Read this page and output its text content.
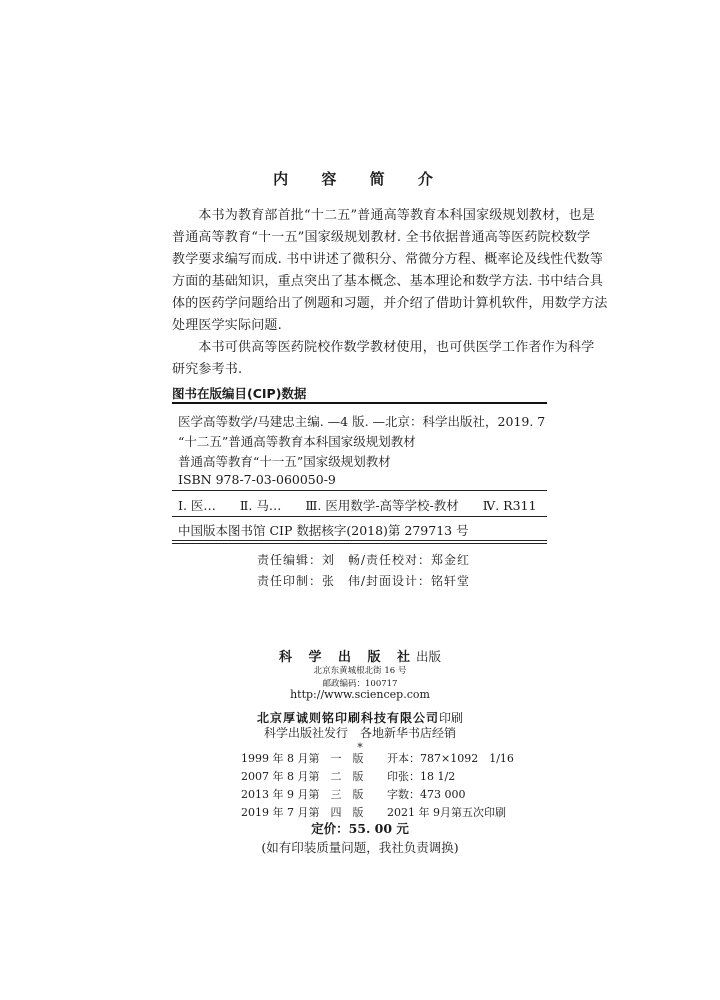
内 容 简 介
　　本书为教育部首批“十二五”普通高等教育本科国家级规划教材，也是
普通高等教育“十一五”国家级规划教材. 全书依据普通高等医药院校数学
教学要求编写而成. 书中讲述了微积分、常微分方程、概率论及线性代数等
方面的基础知识，重点突出了基本概念、基本理论和数学方法. 书中结合具
体的医药学问题给出了例题和习题，并介绍了借助计算机软件，用数学方法
处理医学实际问题.
　　本书可供高等医药院校作数学教材使用，也可供医学工作者作为科学
研究参考书.
图书在版编目(CIP)数据
医学高等数学/马建忠主编. —4 版. —北京：科学出版社，2019. 7
“十二五”普通高等教育本科国家级规划教材
普通高等教育“十一五”国家级规划教材
ISBN 978-7-03-060050-9
Ⅰ. 医… Ⅱ. 马… Ⅲ. 医用数学-高等学校-教材 Ⅳ. R311
中国版本图书馆 CIP 数据核字(2018)第 279713 号
责任编辑：刘　畅/责任校对：郑金红
责任印制：张　伟/封面设计：铭轩堂
科 学 出 版 社出版
北京东黄城根北街 16 号
邮政编码：100717
http://www.sciencep.com
北京厚诚则铭印刷科技有限公司印刷
科学出版社发行　各地新华书店经销
*
1999 年 8 月第　一　版	开本：787×1092　1/16
2007 年 8 月第　二　版	印张：18 1/2
2013 年 9 月第　三　版	字数：473 000
2019 年 7 月第　四　版	2021 年 9月第五次印刷
定价：55. 00 元
(如有印装质量问题，我社负责调换)
